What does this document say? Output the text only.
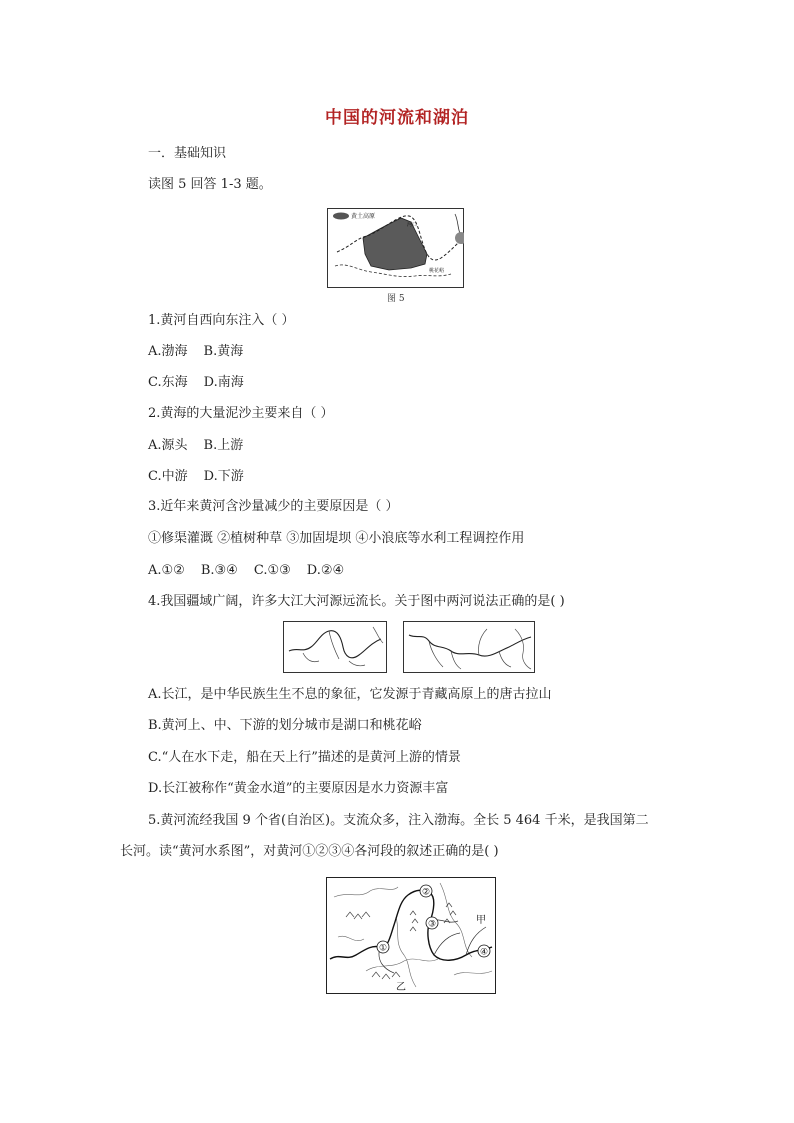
中国的河流和湖泊
一．基础知识
读图 5 回答 1-3 题。
黄土高原
河口
桃花峪
图 5
1.黄河自西向东注入（ ）
A.渤海 B.黄海
C.东海 D.南海
2.黄海的大量泥沙主要来自（ ）
A.源头 B.上游
C.中游 D.下游
3.近年来黄河含沙量减少的主要原因是（ ）
①修渠灌溉 ②植树种草 ③加固堤坝 ④小浪底等水利工程调控作用
A.①② B.③④ C.①③ D.②④
4.我国疆域广阔，许多大江大河源远流长。关于图中两河说法正确的是( )
A.长江，是中华民族生生不息的象征，它发源于青藏高原上的唐古拉山
B.黄河上、中、下游的划分城市是湖口和桃花峪
C.“人在水下走，船在天上行”描述的是黄河上游的情景
D.长江被称作“黄金水道”的主要原因是水力资源丰富
5.黄河流经我国 9 个省(自治区)。支流众多，注入渤海。全长 5 464 千米，是我国第二
长河。读“黄河水系图”，对黄河①②③④各河段的叙述正确的是( )
①
②
③
④
甲
乙
